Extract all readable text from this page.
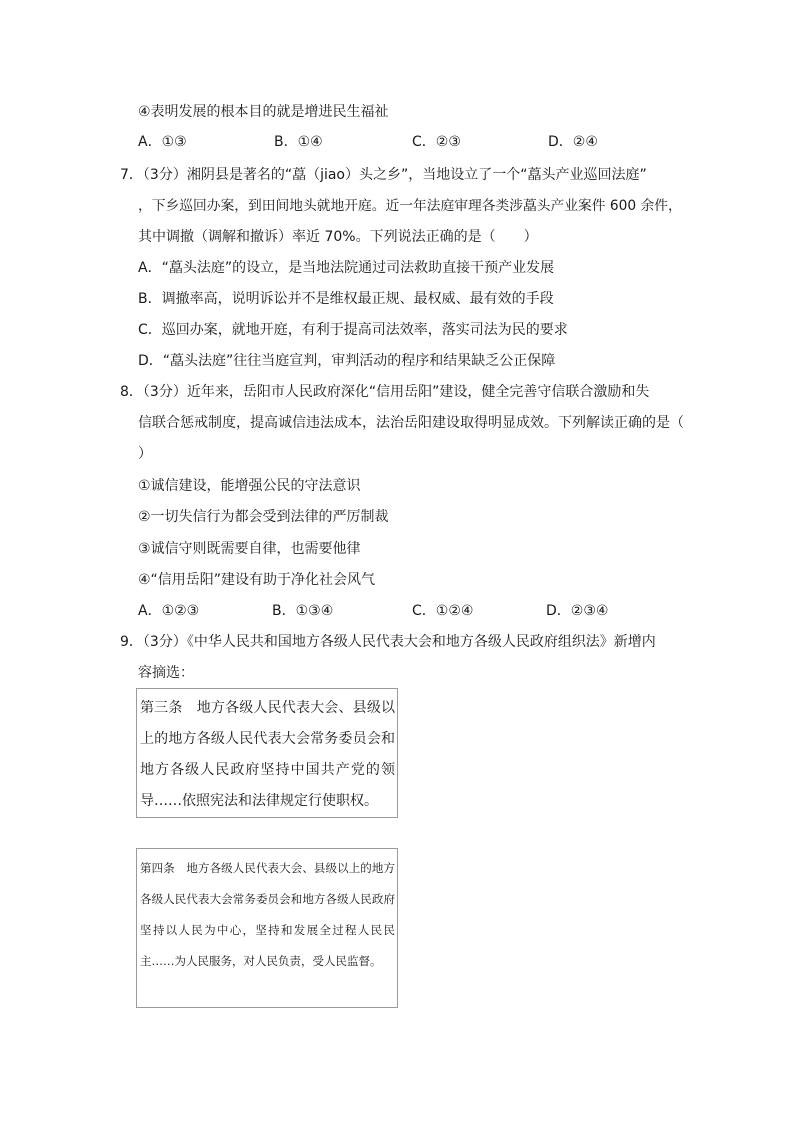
④表明发展的根本目的就是增进民生福祉
A．①③	B．①④	C．②③	D．②④
7．（3分）湘阴县是著名的“藠（jiao）头之乡”，当地设立了一个“藠头产业巡回法庭”
，下乡巡回办案，到田间地头就地开庭。近一年法庭审理各类涉藠头产业案件 600 余件，
其中调撤（调解和撤诉）率近 70%。下列说法正确的是（　　）
A．“藠头法庭”的设立，是当地法院通过司法救助直接干预产业发展
B．调撤率高，说明诉讼并不是维权最正规、最权威、最有效的手段
C．巡回办案，就地开庭，有利于提高司法效率，落实司法为民的要求
D．“藠头法庭”往往当庭宣判，审判活动的程序和结果缺乏公正保障
8．（3分）近年来，岳阳市人民政府深化“信用岳阳”建设，健全完善守信联合激励和失
信联合惩戒制度，提高诚信违法成本，法治岳阳建设取得明显成效。下列解读正确的是（
）
①诚信建设，能增强公民的守法意识
②一切失信行为都会受到法律的严厉制裁
③诚信守则既需要自律，也需要他律
④“信用岳阳”建设有助于净化社会风气
A．①②③	B．①③④	C．①②④	D．②③④
9．（3分）《中华人民共和国地方各级人民代表大会和地方各级人民政府组织法》新增内
容摘选：
第三条　地方各级人民代表大会、县级以上的地方各级人民代表大会常务委员会和地方各级人民政府坚持中国共产党的领导……依照宪法和法律规定行使职权。
第四条　地方各级人民代表大会、县级以上的地方各级人民代表大会常务委员会和地方各级人民政府坚持以人民为中心，坚持和发展全过程人民民主……为人民服务，对人民负责，受人民监督。
